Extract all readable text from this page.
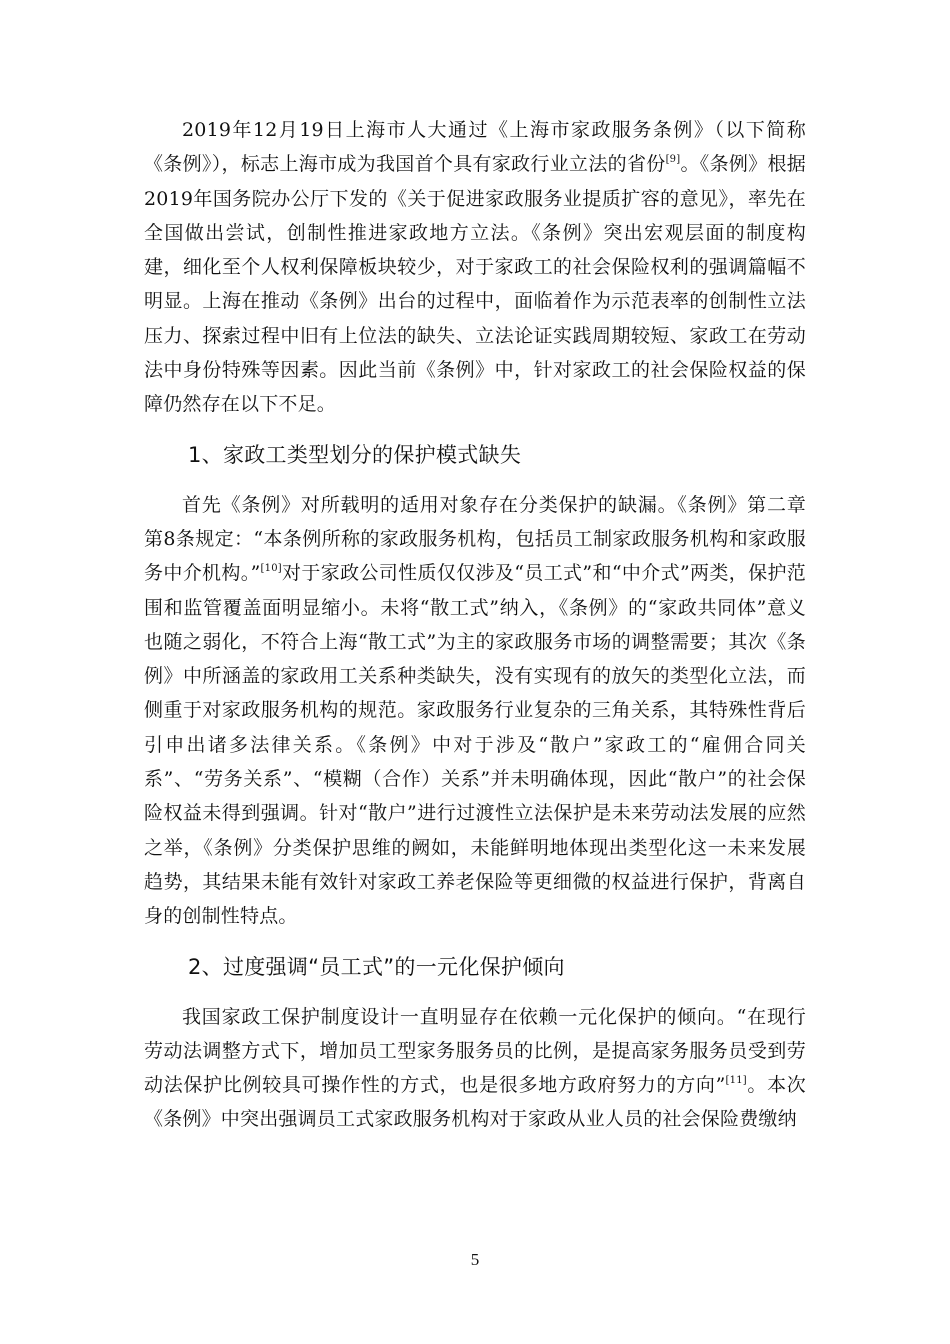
2019年12月19日上海市人大通过《上海市家政服务条例》（以下简称《条例》），标志上海市成为我国首个具有家政行业立法的省份[9]。《条例》根据2019年国务院办公厅下发的《关于促进家政服务业提质扩容的意见》，率先在全国做出尝试，创制性推进家政地方立法。《条例》突出宏观层面的制度构建，细化至个人权利保障板块较少，对于家政工的社会保险权利的强调篇幅不明显。上海在推动《条例》出台的过程中，面临着作为示范表率的创制性立法压力、探索过程中旧有上位法的缺失、立法论证实践周期较短、家政工在劳动法中身份特殊等因素。因此当前《条例》中，针对家政工的社会保险权益的保障仍然存在以下不足。

1、家政工类型划分的保护模式缺失

首先《条例》对所载明的适用对象存在分类保护的缺漏。《条例》第二章第8条规定：“本条例所称的家政服务机构，包括员工制家政服务机构和家政服务中介机构。”[10]对于家政公司性质仅仅涉及“员工式”和“中介式”两类，保护范围和监管覆盖面明显缩小。未将“散工式”纳入，《条例》的“家政共同体”意义也随之弱化，不符合上海“散工式”为主的家政服务市场的调整需要；其次《条例》中所涵盖的家政用工关系种类缺失，没有实现有的放矢的类型化立法，而侧重于对家政服务机构的规范。家政服务行业复杂的三角关系，其特殊性背后引申出诸多法律关系。《条例》中对于涉及“散户”家政工的“雇佣合同关系”、“劳务关系”、“模糊（合作）关系”并未明确体现，因此“散户”的社会保险权益未得到强调。针对“散户”进行过渡性立法保护是未来劳动法发展的应然之举，《条例》分类保护思维的阙如，未能鲜明地体现出类型化这一未来发展趋势，其结果未能有效针对家政工养老保险等更细微的权益进行保护，背离自身的创制性特点。

2、过度强调“员工式”的一元化保护倾向

我国家政工保护制度设计一直明显存在依赖一元化保护的倾向。“在现行劳动法调整方式下，增加员工型家务服务员的比例，是提高家务服务员受到劳动法保护比例较具可操作性的方式，也是很多地方政府努力的方向”[11]。本次《条例》中突出强调员工式家政服务机构对于家政从业人员的社会保险费缴纳

5
